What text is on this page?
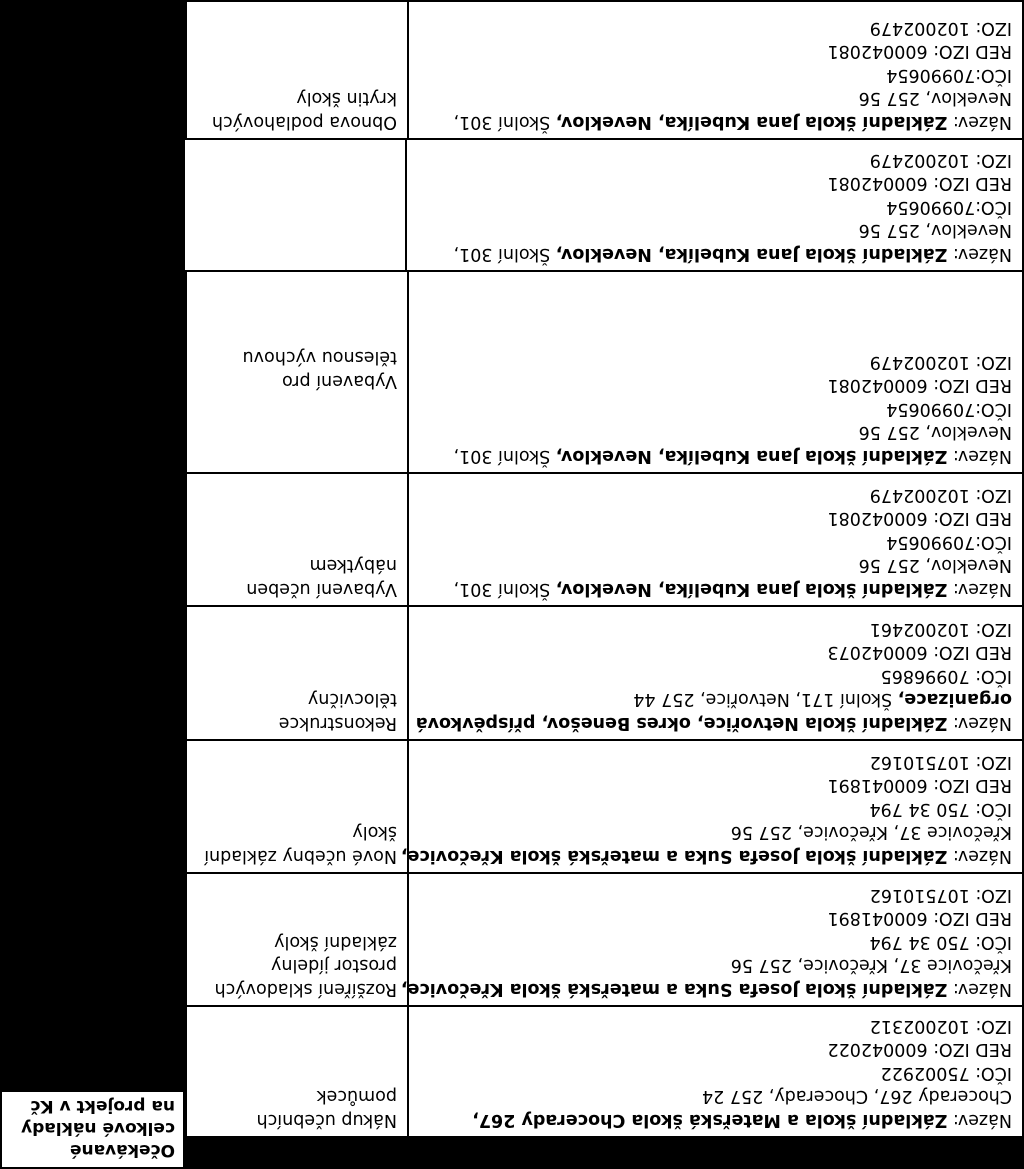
Očekávané
celkové náklady
na projekt v Kč
Název: Základní škola a Mateřská škola Chocerady 267,
Chocerady 267, Chocerady, 257 24
IČO: 75002922
RED IZO: 600042022
IZO: 102002312
Nákup učebních
pomůcek
Název: Základní škola Josefa Suka a mateřská škola Křečovice,
Křečovice 37, Křečovice, 257 56
IČO: 750 34 794
RED IZO: 600041891
IZO: 107510162
Rozšíření skladových
prostor jídelny
základní školy
Název: Základní škola Josefa Suka a mateřská škola Křečovice,
Křečovice 37, Křečovice, 257 56
IČO: 750 34 794
RED IZO: 600041891
IZO: 107510162
Nové učebny základní
školy
Název: Základní škola Netvořice, okres Benešov, příspěvková
organizace, Školní 171, Netvořice, 257 44
IČO: 70996865
RED IZO: 600042073
IZO: 102002461
Rekonstrukce
tělocvičny
Název: Základní škola Jana Kubelíka, Neveklov, Školní 301,
Neveklov, 257 56
IČO:70990654
RED IZO: 600042081
IZO: 102002479
Vybavení učeben
nábytkem
Název: Základní škola Jana Kubelíka, Neveklov, Školní 301,
Neveklov, 257 56
IČO:70990654
RED IZO: 600042081
IZO: 102002479
Vybavení pro
tělesnou výchovu
Název: Základní škola Jana Kubelíka, Neveklov, Školní 301,
Neveklov, 257 56
IČO:70990654
RED IZO: 600042081
IZO: 102002479
Název: Základní škola Jana Kubelíka, Neveklov, Školní 301,
Neveklov, 257 56
IČO:70990654
RED IZO: 600042081
IZO: 102002479
Obnova podlahových
krytin školy
